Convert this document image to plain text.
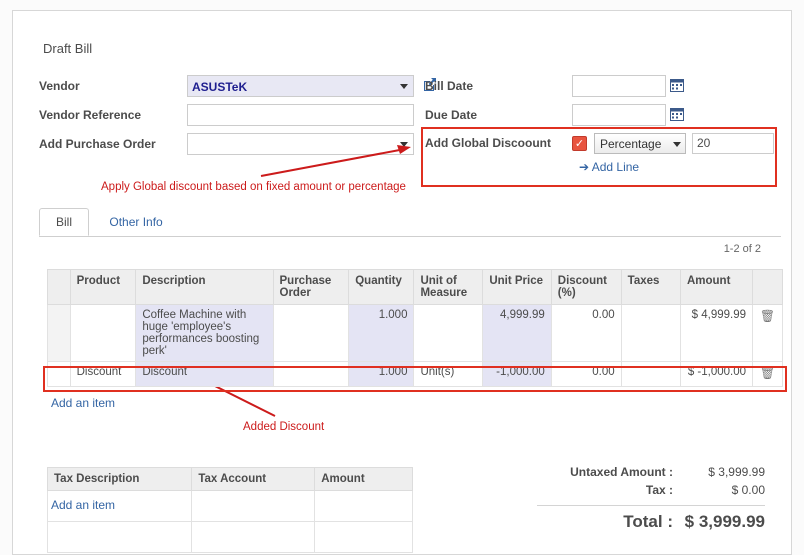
Draft Bill
Vendor	ASUSTeK
Vendor Reference
Add Purchase Order
Bill Date
Due Date
Add Global Discoount	✓	Percentage
20
➔ Add Line
Apply Global discount based on fixed amount or percentage
Added Discount
Bill	Other Info
1-2 of 2
	Product	Description	Purchase Order	Quantity	Unit of Measure	Unit Price	Discount (%)	Taxes	Amount	
		Coffee Machine with huge 'employee's performances boosting perk'		1.000		4,999.99	0.00		$ 4,999.99	🗑
	Discount	Discount		1.000	Unit(s)	-1,000.00	0.00		$ -1,000.00	🗑
Add an item
Tax Description	Tax Account	Amount

Add an item
Untaxed Amount :	$ 3,999.99
Tax :	$ 0.00
Total : $ 3,999.99
